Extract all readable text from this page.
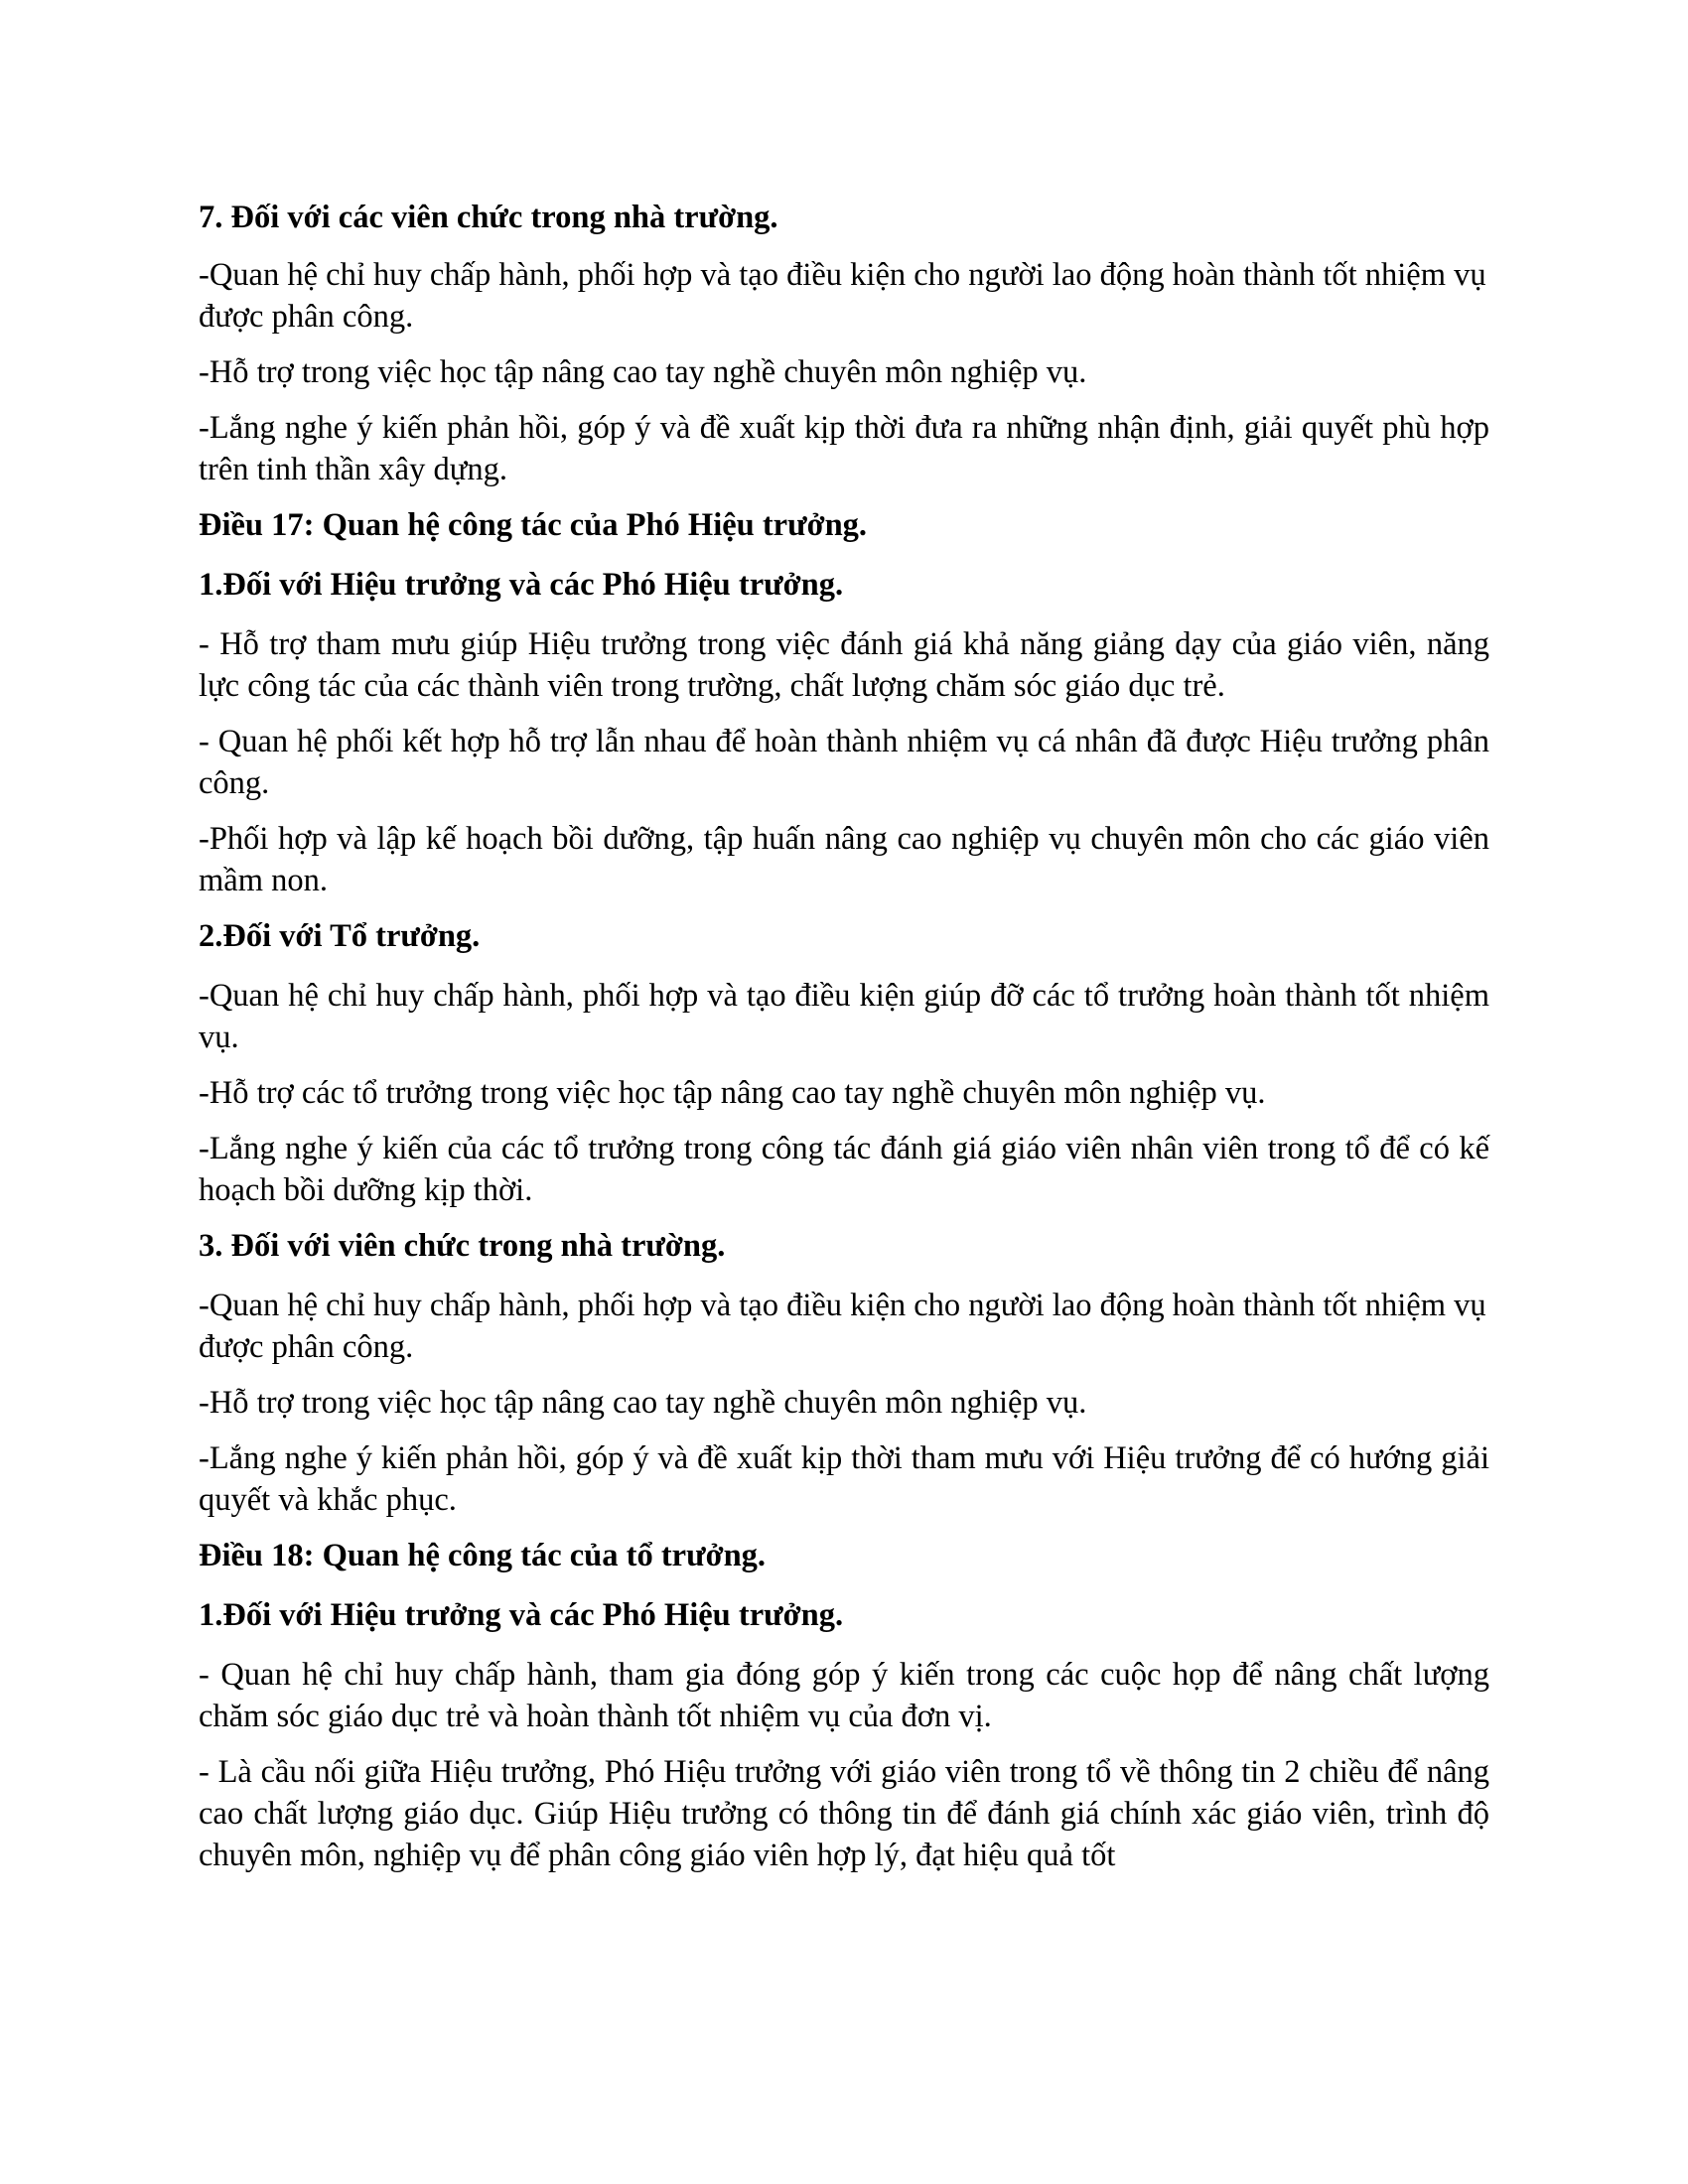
7. Đối với các viên chức trong nhà trường.

-Quan hệ chỉ huy chấp hành, phối hợp và tạo điều kiện cho người lao động hoàn thành tốt nhiệm vụ được phân công.

-Hỗ trợ trong việc học tập nâng cao tay nghề chuyên môn nghiệp vụ.

-Lắng nghe ý kiến phản hồi, góp ý và đề xuất kịp thời đưa ra những nhận định, giải quyết phù hợp trên tinh thần xây dựng.

Điều 17: Quan hệ công tác của Phó Hiệu trưởng.

1.Đối với Hiệu trưởng và các Phó Hiệu trưởng.

- Hỗ trợ tham mưu giúp Hiệu trưởng trong việc đánh giá khả năng giảng dạy của giáo viên, năng lực công tác của các thành viên trong trường, chất lượng chăm sóc giáo dục trẻ.

- Quan hệ phối kết hợp hỗ trợ lẫn nhau để hoàn thành nhiệm vụ cá nhân đã được Hiệu trưởng phân công.

-Phối hợp và lập kế hoạch bồi dưỡng, tập huấn nâng cao nghiệp vụ chuyên môn cho các giáo viên mầm non.

2.Đối với Tổ trưởng.

-Quan hệ chỉ huy chấp hành, phối hợp và tạo điều kiện giúp đỡ các tổ trưởng hoàn thành tốt nhiệm vụ.

-Hỗ trợ các tổ trưởng trong việc học tập nâng cao tay nghề chuyên môn nghiệp vụ.

-Lắng nghe ý kiến của các tổ trưởng trong công tác đánh giá giáo viên nhân viên trong tổ để có kế hoạch bồi dưỡng kịp thời.

3. Đối với viên chức trong nhà trường.

-Quan hệ chỉ huy chấp hành, phối hợp và tạo điều kiện cho người lao động hoàn thành tốt nhiệm vụ được phân công.

-Hỗ trợ trong việc học tập nâng cao tay nghề chuyên môn nghiệp vụ.

-Lắng nghe ý kiến phản hồi, góp ý và đề xuất kịp thời tham mưu với Hiệu trưởng để có hướng giải quyết và khắc phục.

Điều 18: Quan hệ công tác của tổ trưởng.

1.Đối với Hiệu trưởng và các Phó Hiệu trưởng.

- Quan hệ chỉ huy chấp hành, tham gia đóng góp ý kiến trong các cuộc họp để nâng chất lượng chăm sóc giáo dục trẻ và hoàn thành tốt nhiệm vụ của đơn vị.

- Là cầu nối giữa Hiệu trưởng, Phó Hiệu trưởng với giáo viên trong tổ về thông tin 2 chiều để nâng cao chất lượng giáo dục. Giúp Hiệu trưởng có thông tin để đánh giá chính xác giáo viên, trình độ chuyên môn, nghiệp vụ để phân công giáo viên hợp lý, đạt hiệu quả tốt
